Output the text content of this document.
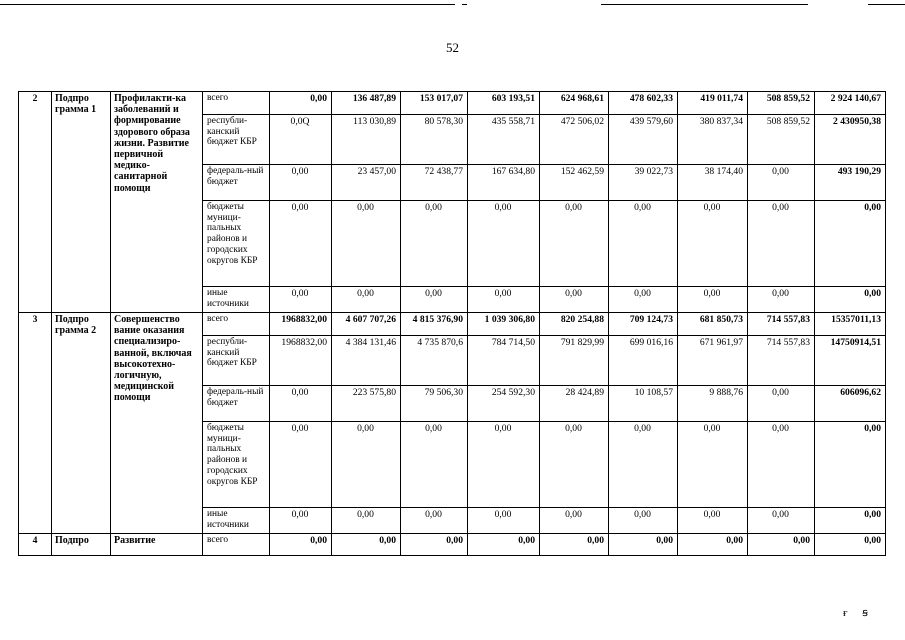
52
2	Подпро грамма 1	Профилакти-ка заболеваний и формирование здорового образа жизни. Развитие первичной медико-санитарной помощи	всего	0,00	136 487,89	153 017,07	603 193,51	624 968,61	478 602,33	419 011,74	508 859,52	2 924 140,67
			республи-канский бюджет КБР	0,0Q	113 030,89	80 578,30	435 558,71	472 506,02	439 579,60	380 837,34	508 859,52	2 430950,38
			федераль-ный бюджет	0,00	23 457,00	72 438,77	167 634,80	152 462,59	39 022,73	38 174,40	0,00	493 190,29
			бюджеты муници-пальных районов и городских округов КБР	0,00	0,00	0,00	0,00	0,00	0,00	0,00	0,00	0,00
			иные источники	0,00	0,00	0,00	0,00	0,00	0,00	0,00	0,00	0,00
3	Подпро грамма 2	Совершенство вание оказания специализиро-ванной, включая высокотехно-логичную, медицинской помощи	всего	1968832,00	4 607 707,26	4 815 376,90	1 039 306,80	820 254,88	709 124,73	681 850,73	714 557,83	15357011,13
			республи-канский бюджет КБР	1968832,00	4 384 131,46	4 735 870,6	784 714,50	791 829,99	699 016,16	671 961,97	714 557,83	14750914,51
			федераль-ный бюджет	0,00	223 575,80	79 506,30	254 592,30	28 424,89	10 108,57	9 888,76	0,00	606096,62
			бюджеты муници-пальных районов и городских округов КБР	0,00	0,00	0,00	0,00	0,00	0,00	0,00	0,00	0,00
			иные источники	0,00	0,00	0,00	0,00	0,00	0,00	0,00	0,00	0,00
4	Подпро	Развитие	всего	0,00	0,00	0,00	0,00	0,00	0,00	0,00	0,00	0,00
ғ ꞩ
